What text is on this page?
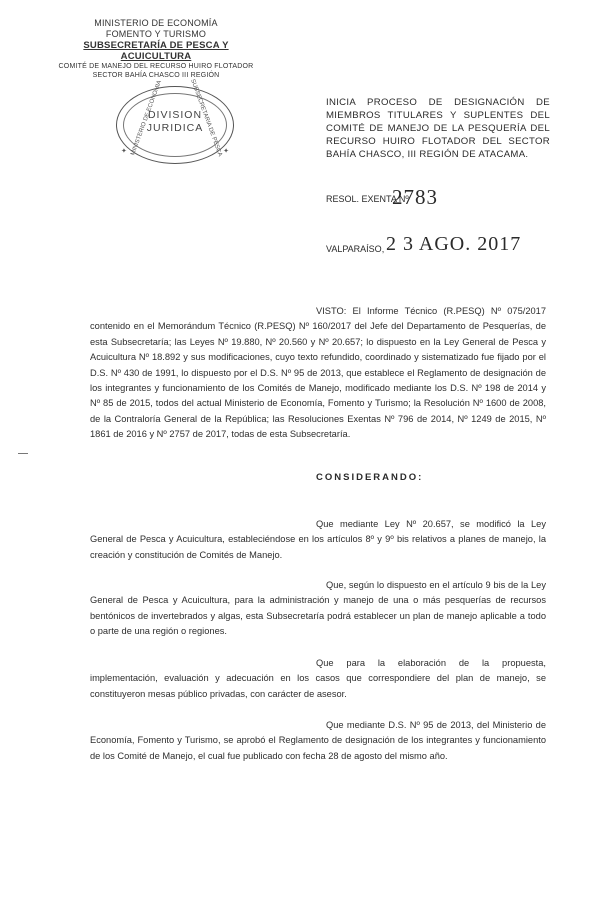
MINISTERIO DE ECONOMÍA
FOMENTO Y TURISMO
SUBSECRETARÍA DE PESCA Y ACUICULTURA
COMITÉ DE MANEJO DEL RECURSO HUIRO FLOTADOR
SECTOR BAHÍA CHASCO III REGIÓN
MINISTERIO DE ECONOMIA	SUBSECRETARIA DE PESCA
DIVISION
JURIDICA
✦	✦
INICIA PROCESO DE DESIGNACIÓN DE MIEMBROS TITULARES Y SUPLENTES DEL COMITÉ DE MANEJO DE LA PESQUERÍA DEL RECURSO HUIRO FLOTADOR DEL SECTOR BAHÍA CHASCO, III REGIÓN DE ATACAMA.
RESOL. EXENTA Nº
2783
VALPARAÍSO, 2 3 AGO. 2017
VISTO: El Informe Técnico (R.PESQ) Nº 075/2017 contenido en el Memorándum Técnico (R.PESQ) Nº 160/2017 del Jefe del Departamento de Pesquerías, de esta Subsecretaría; las Leyes Nº 19.880, Nº 20.560 y Nº 20.657; lo dispuesto en la Ley General de Pesca y Acuicultura Nº 18.892 y sus modificaciones, cuyo texto refundido, coordinado y sistematizado fue fijado por el D.S. Nº 430 de 1991, lo dispuesto por el D.S. Nº 95 de 2013, que establece el Reglamento de designación de los integrantes y funcionamiento de los Comités de Manejo, modificado mediante los D.S. Nº 198 de 2014 y Nº 85 de 2015, todos del actual Ministerio de Economía, Fomento y Turismo; la Resolución Nº 1600 de 2008, de la Contraloría General de la República; las Resoluciones Exentas Nº 796 de 2014, Nº 1249 de 2015, Nº 1861 de 2016 y Nº 2757 de 2017, todas de esta Subsecretaría.
CONSIDERANDO:
Que mediante Ley Nº 20.657, se modificó la Ley General de Pesca y Acuicultura, estableciéndose en los artículos 8º y 9º bis relativos a planes de manejo, la creación y constitución de Comités de Manejo.
Que, según lo dispuesto en el artículo 9 bis de la Ley General de Pesca y Acuicultura, para la administración y manejo de una o más pesquerías de recursos bentónicos de invertebrados y algas, esta Subsecretaría podrá establecer un plan de manejo aplicable a todo o parte de una región o regiones.
Que para la elaboración de la propuesta, implementación, evaluación y adecuación en los casos que correspondiere del plan de manejo, se constituyeron mesas público privadas, con carácter de asesor.
Que mediante D.S. Nº 95 de 2013, del Ministerio de Economía, Fomento y Turismo, se aprobó el Reglamento de designación de los integrantes y funcionamiento de los Comité de Manejo, el cual fue publicado con fecha 28 de agosto del mismo año.
